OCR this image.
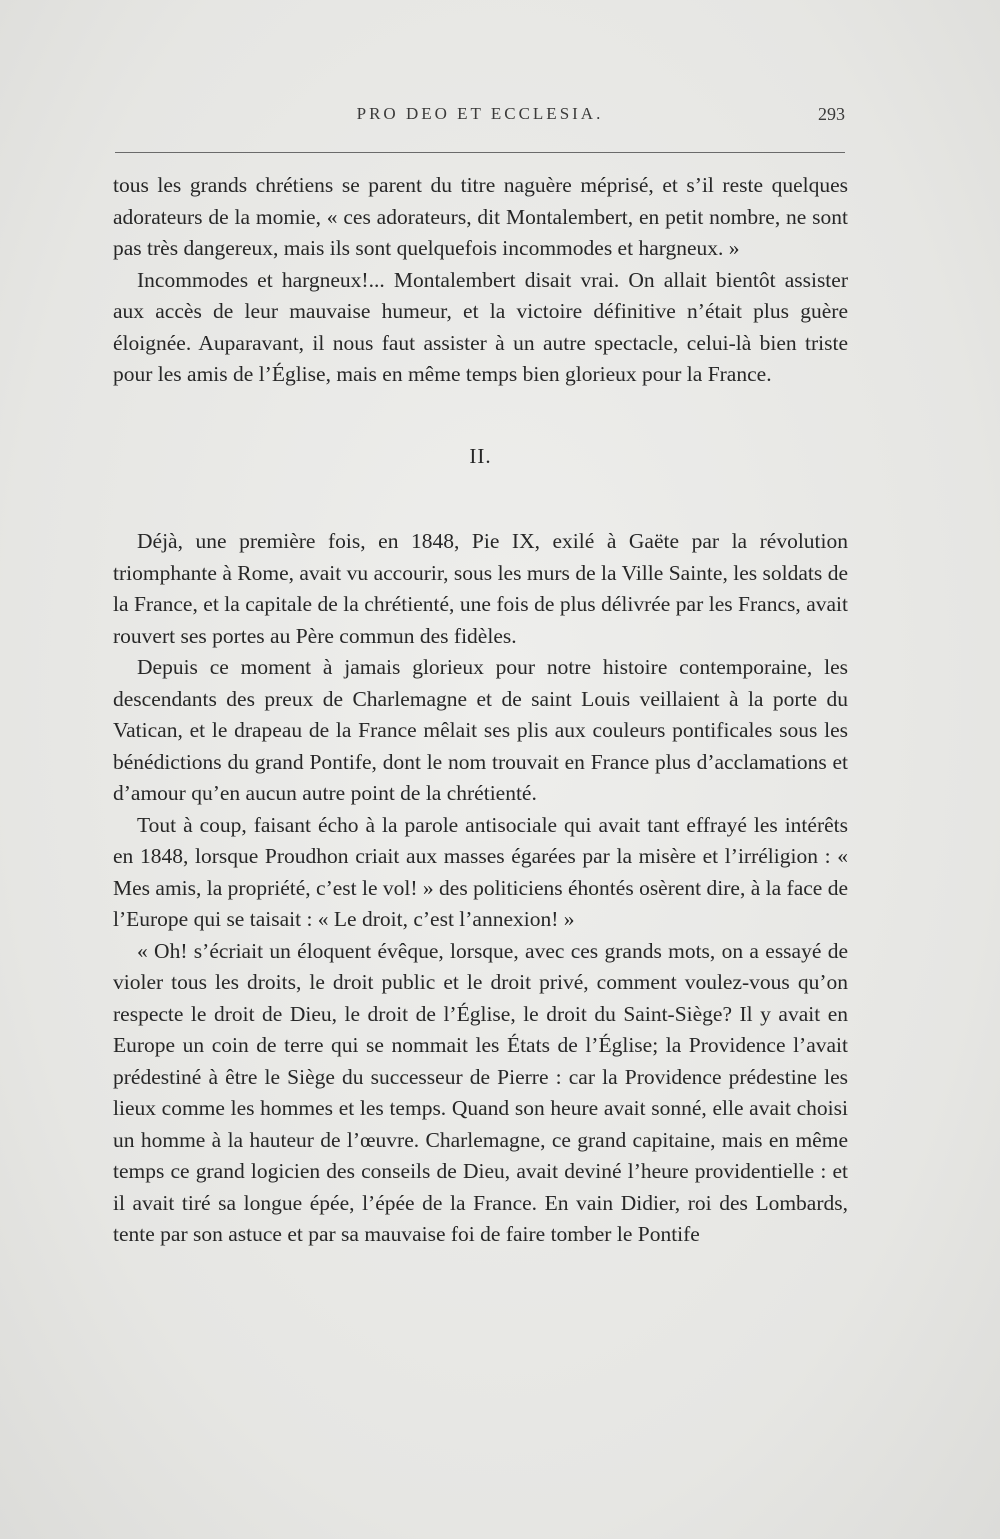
PRO DEO ET ECCLESIA.	293

tous les grands chrétiens se parent du titre naguère méprisé, et s’il reste quelques adorateurs de la momie, « ces adorateurs, dit Montalembert, en petit nombre, ne sont pas très dangereux, mais ils sont quelquefois incommodes et hargneux. »

Incommodes et hargneux!... Montalembert disait vrai. On allait bientôt assister aux accès de leur mauvaise humeur, et la victoire définitive n’était plus guère éloignée. Auparavant, il nous faut assister à un autre spectacle, celui-là bien triste pour les amis de l’Église, mais en même temps bien glorieux pour la France.

II.

Déjà, une première fois, en 1848, Pie IX, exilé à Gaëte par la révolution triomphante à Rome, avait vu accourir, sous les murs de la Ville Sainte, les soldats de la France, et la capitale de la chrétienté, une fois de plus délivrée par les Francs, avait rouvert ses portes au Père commun des fidèles.

Depuis ce moment à jamais glorieux pour notre histoire contemporaine, les descendants des preux de Charlemagne et de saint Louis veillaient à la porte du Vatican, et le drapeau de la France mêlait ses plis aux couleurs pontificales sous les bénédictions du grand Pontife, dont le nom trouvait en France plus d’acclamations et d’amour qu’en aucun autre point de la chrétienté.

Tout à coup, faisant écho à la parole antisociale qui avait tant effrayé les intérêts en 1848, lorsque Proudhon criait aux masses égarées par la misère et l’irréligion : « Mes amis, la propriété, c’est le vol! » des politiciens éhontés osèrent dire, à la face de l’Europe qui se taisait : « Le droit, c’est l’annexion! »

« Oh! s’écriait un éloquent évêque, lorsque, avec ces grands mots, on a essayé de violer tous les droits, le droit public et le droit privé, comment voulez-vous qu’on respecte le droit de Dieu, le droit de l’Église, le droit du Saint-Siège? Il y avait en Europe un coin de terre qui se nommait les États de l’Église; la Providence l’avait prédestiné à être le Siège du successeur de Pierre : car la Providence prédestine les lieux comme les hommes et les temps. Quand son heure avait sonné, elle avait choisi un homme à la hauteur de l’œuvre. Charlemagne, ce grand capitaine, mais en même temps ce grand logicien des conseils de Dieu, avait deviné l’heure providentielle : et il avait tiré sa longue épée, l’épée de la France. En vain Didier, roi des Lombards, tente par son astuce et par sa mauvaise foi de faire tomber le Pontife
